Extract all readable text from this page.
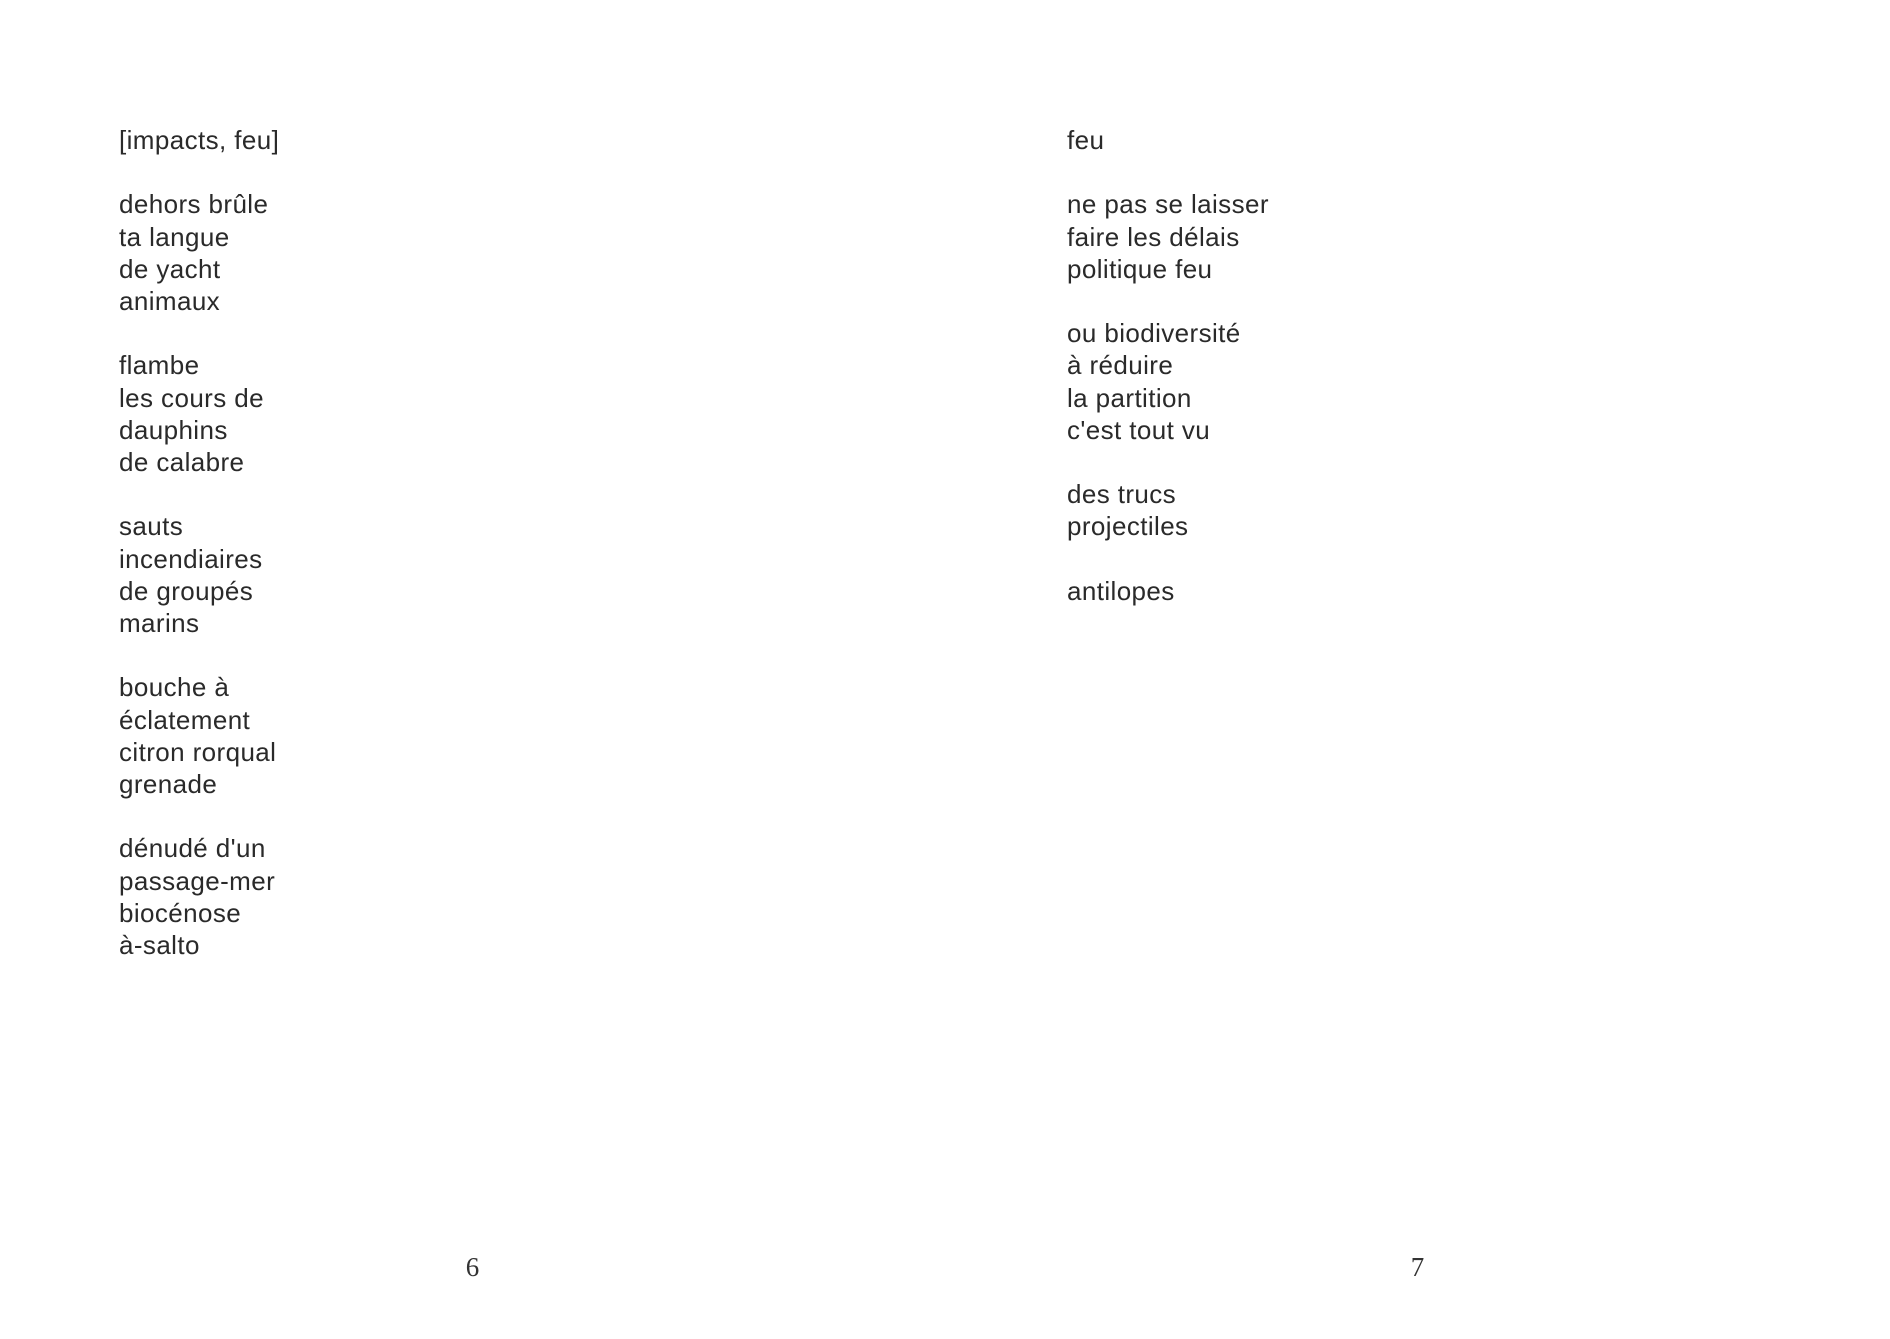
[impacts, feu]
dehors brûle
ta langue
de yacht
animaux
flambe
les cours de
dauphins
de calabre
sauts
incendiaires
de groupés
marins
bouche à
éclatement
citron rorqual
grenade
dénudé d'un
passage-mer
biocénose
à-salto
6
feu
ne pas se laisser
faire les délais
politique feu
ou biodiversité
à réduire
la partition
c'est tout vu
des trucs
projectiles
antilopes
7
